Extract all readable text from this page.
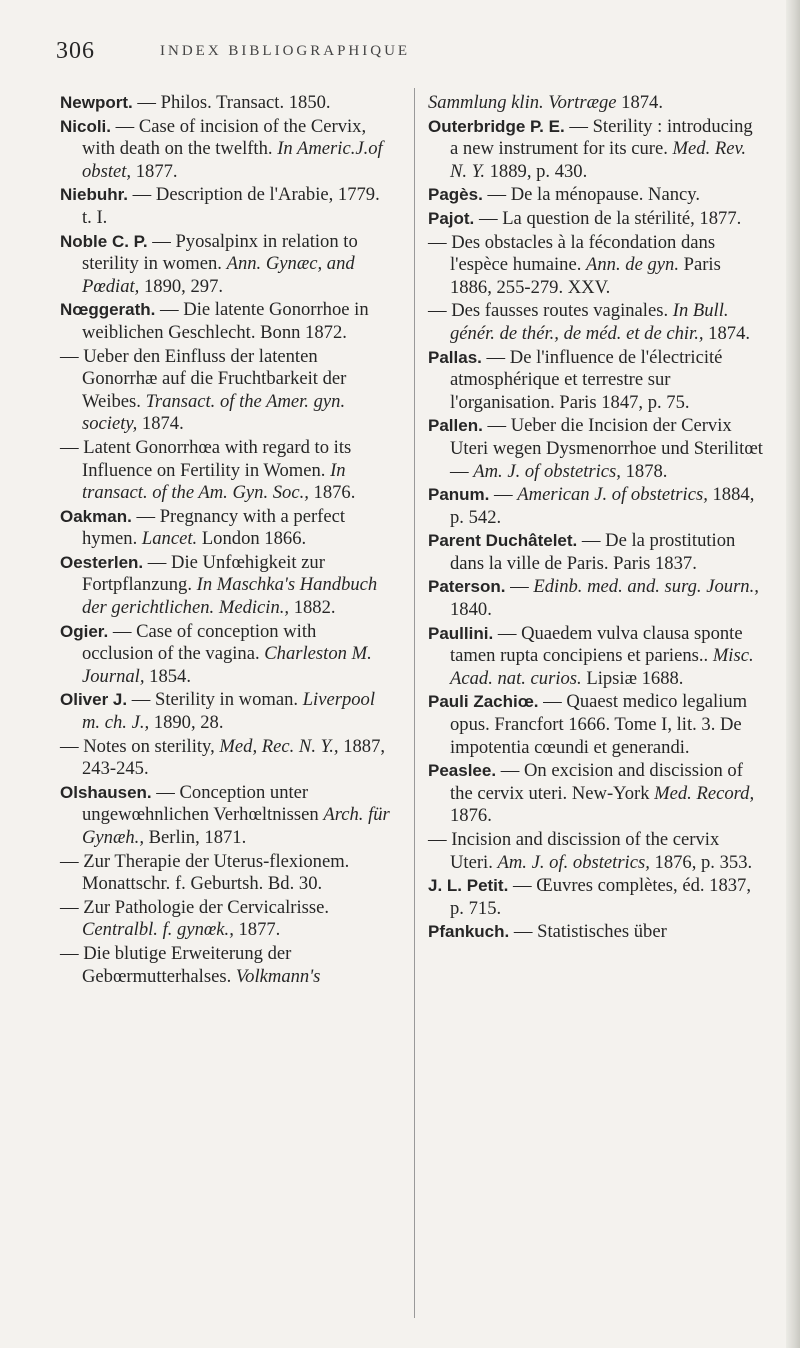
306	INDEX BIBLIOGRAPHIQUE

Newport. — Philos. Transact. 1850.

Nicoli. — Case of incision of the Cervix, with death on the twelfth. In Americ.J.of obstet, 1877.

Niebuhr. — Description de l'Arabie, 1779. t. I.

Noble C. P. — Pyosalpinx in relation to sterility in women. Ann. Gynæc, and Pœdiat, 1890, 297.

Nœggerath. — Die latente Gonorrhoe in weiblichen Geschlecht. Bonn 1872.

— Ueber den Einfluss der latenten Gonorrhæ auf die Fruchtbarkeit der Weibes. Transact. of the Amer. gyn. society, 1874.

— Latent Gonorrhœa with regard to its Influence on Fertility in Women. In transact. of the Am. Gyn. Soc., 1876.

Oakman. — Pregnancy with a perfect hymen. Lancet. London 1866.

Oesterlen. — Die Unfœhigkeit zur Fortpflanzung. In Maschka's Handbuch der gerichtlichen. Medicin., 1882.

Ogier. — Case of conception with occlusion of the vagina. Charleston M. Journal, 1854.

Oliver J. — Sterility in woman. Liverpool m. ch. J., 1890, 28.

— Notes on sterility, Med, Rec. N. Y., 1887, 243-245.

Olshausen. — Conception unter ungewœhnlichen Verhœltnissen Arch. für Gynæh., Berlin, 1871.

— Zur Therapie der Uterus-flexionem. Monattschr. f. Geburtsh. Bd. 30.

— Zur Pathologie der Cervicalrisse. Centralbl. f. gynœk., 1877.

— Die blutige Erweiterung der Gebœrmutterhalses. Volkmann's

Sammlung klin. Vortræge 1874.

Outerbridge P. E. — Sterility : introducing a new instrument for its cure. Med. Rev. N. Y. 1889, p. 430.

Pagès. — De la ménopause. Nancy.

Pajot. — La question de la stérilité, 1877.

— Des obstacles à la fécondation dans l'espèce humaine. Ann. de gyn. Paris 1886, 255-279. XXV.

— Des fausses routes vaginales. In Bull. génér. de thér., de méd. et de chir., 1874.

Pallas. — De l'influence de l'électricité atmosphérique et terrestre sur l'organisation. Paris 1847, p. 75.

Pallen. — Ueber die Incision der Cervix Uteri wegen Dysmenorrhoe und Sterilitœt — Am. J. of obstetrics, 1878.

Panum. — American J. of obstetrics, 1884, p. 542.

Parent Duchâtelet. — De la prostitution dans la ville de Paris. Paris 1837.

Paterson. — Edinb. med. and. surg. Journ., 1840.

Paullini. — Quaedem vulva clausa sponte tamen rupta concipiens et pariens.. Misc. Acad. nat. curios. Lipsiæ 1688.

Pauli Zachiœ. — Quaest medico legalium opus. Francfort 1666. Tome I, lit. 3. De impotentia cœundi et generandi.

Peaslee. — On excision and discission of the cervix uteri. New-York Med. Record, 1876.

— Incision and discission of the cervix Uteri. Am. J. of. obstetrics, 1876, p. 353.

J. L. Petit. — Œuvres complètes, éd. 1837, p. 715.

Pfankuch. — Statistisches über
